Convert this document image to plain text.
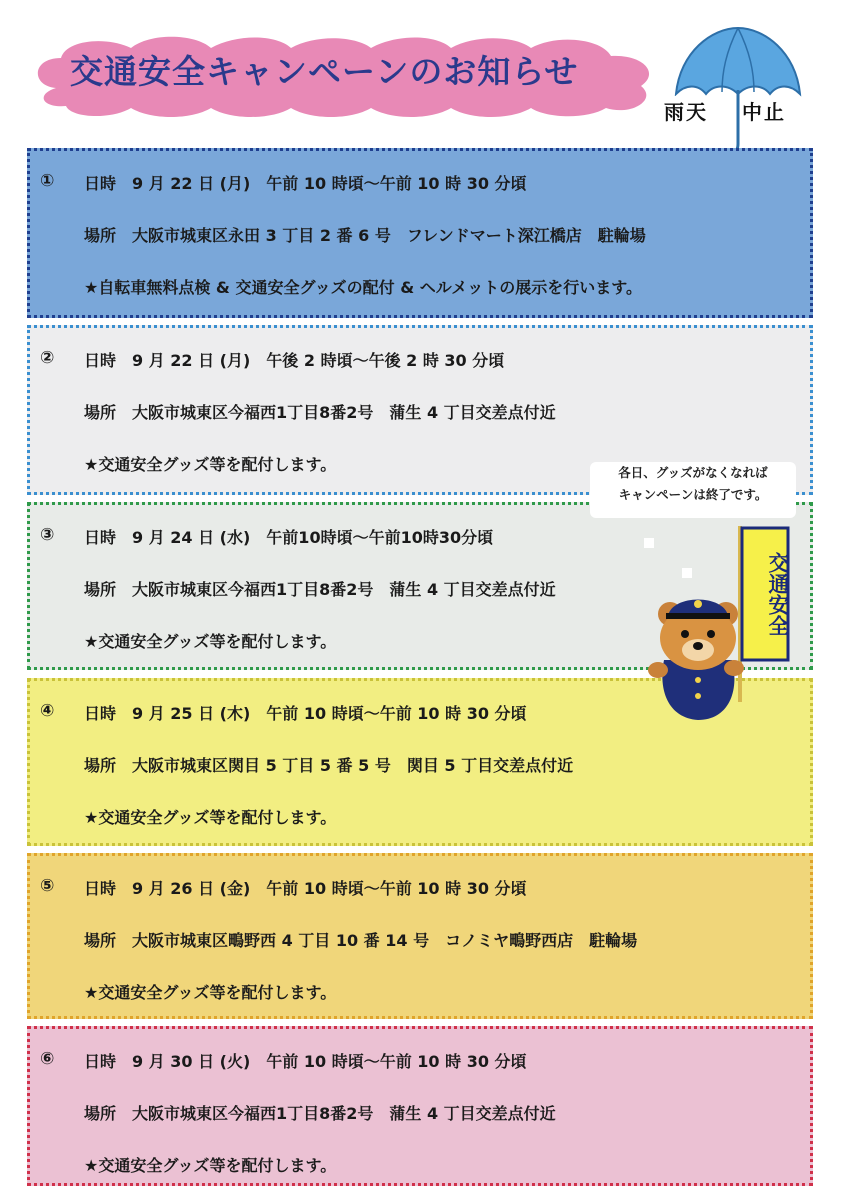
交通安全キャンペーンのお知らせ
雨天 中止
① 日時　9 月 22 日 (月)　午前 10 時頃～午前 10 時 30 分頃
場所　大阪市城東区永田 3 丁目 2 番 6 号　フレンドマート深江橋店　駐輪場
★自転車無料点検 & 交通安全グッズの配付 & ヘルメットの展示を行います。
② 日時　9 月 22 日 (月)　午後 2 時頃～午後 2 時 30 分頃
場所　大阪市城東区今福西1丁目8番2号　蒲生 4 丁目交差点付近
★交通安全グッズ等を配付します。
③ 日時　9 月 24 日 (水)　午前10時頃～午前10時30分頃
場所　大阪市城東区今福西1丁目8番2号　蒲生 4 丁目交差点付近
★交通安全グッズ等を配付します。
④ 日時　9 月 25 日 (木)　午前 10 時頃～午前 10 時 30 分頃
場所　大阪市城東区関目 5 丁目 5 番 5 号　関目 5 丁目交差点付近
★交通安全グッズ等を配付します。
⑤ 日時　9 月 26 日 (金)　午前 10 時頃～午前 10 時 30 分頃
場所　大阪市城東区鴫野西 4 丁目 10 番 14 号　コノミヤ鴫野西店　駐輪場
★交通安全グッズ等を配付します。
⑥ 日時　9 月 30 日 (火)　午前 10 時頃～午前 10 時 30 分頃
場所　大阪市城東区今福西1丁目8番2号　蒲生 4 丁目交差点付近
★交通安全グッズ等を配付します。
各日、グッズがなくなれば
キャンペーンは終了です。
交通安全
